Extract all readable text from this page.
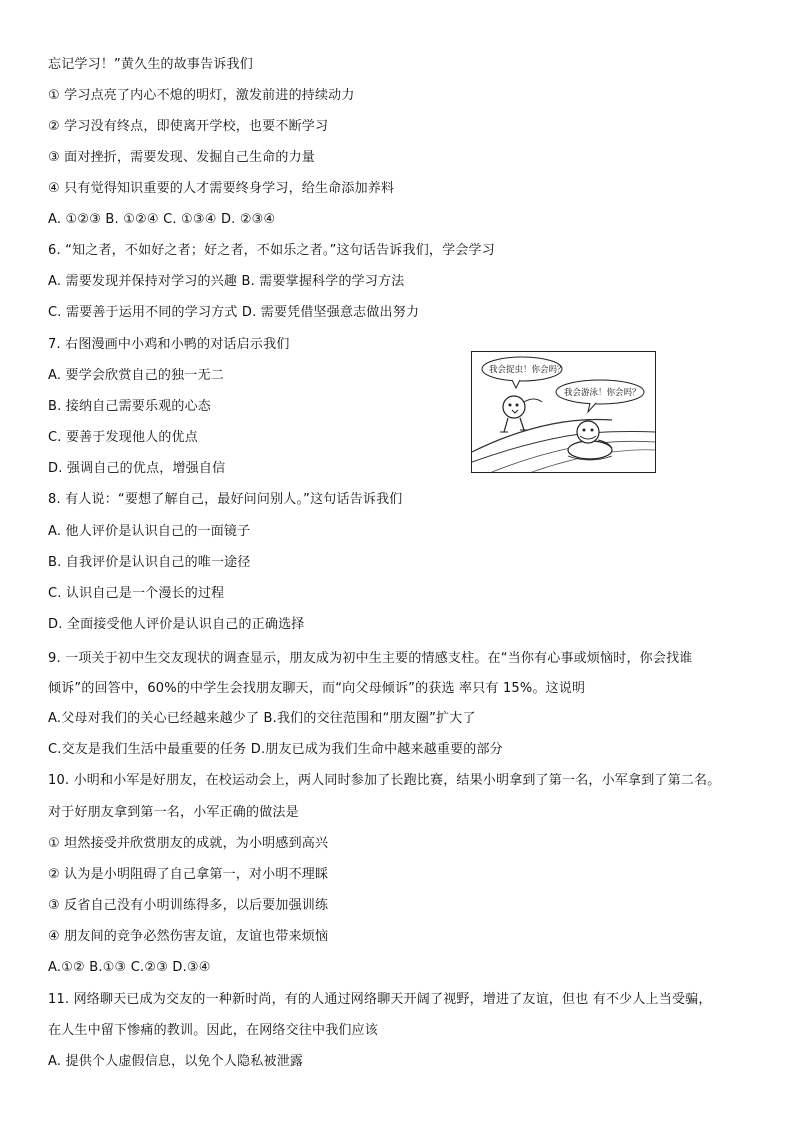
忘记学习！”黄久生的故事告诉我们
① 学习点亮了内心不熄的明灯，激发前进的持续动力
② 学习没有终点，即使离开学校，也要不断学习
③ 面对挫折，需要发现、发掘自己生命的力量
④ 只有觉得知识重要的人才需要终身学习，给生命添加养料
A. ①②③ B. ①②④ C. ①③④ D. ②③④
6. “知之者，不如好之者；好之者，不如乐之者。”这句话告诉我们，学会学习
A. 需要发现并保持对学习的兴趣 B. 需要掌握科学的学习方法
C. 需要善于运用不同的学习方式 D. 需要凭借坚强意志做出努力
7. 右图漫画中小鸡和小鸭的对话启示我们
A. 要学会欣赏自己的独一无二
B. 接纳自己需要乐观的心态
C. 要善于发现他人的优点
D. 强调自己的优点，增强自信
8. 有人说：“要想了解自己，最好问问别人。”这句话告诉我们
A. 他人评价是认识自己的一面镜子
B. 自我评价是认识自己的唯一途径
C. 认识自己是一个漫长的过程
D. 全面接受他人评价是认识自己的正确选择
9. 一项关于初中生交友现状的调查显示，朋友成为初中生主要的情感支柱。在“当你有心事或烦恼时，你会找谁
倾诉”的回答中，60%的中学生会找朋友聊天，而“向父母倾诉”的获选 率只有 15%。这说明
A.父母对我们的关心已经越来越少了 B.我们的交往范围和“朋友圈”扩大了
C.交友是我们生活中最重要的任务 D.朋友已成为我们生命中越来越重要的部分
10. 小明和小军是好朋友，在校运动会上，两人同时参加了长跑比赛，结果小明拿到了第一名，小军拿到了第二名。
对于好朋友拿到第一名，小军正确的做法是
① 坦然接受并欣赏朋友的成就，为小明感到高兴
② 认为是小明阻碍了自己拿第一，对小明不理睬
③ 反省自己没有小明训练得多，以后要加强训练
④ 朋友间的竞争必然伤害友谊，友谊也带来烦恼
A.①② B.①③ C.②③ D.③④
11. 网络聊天已成为交友的一种新时尚，有的人通过网络聊天开阔了视野，增进了友谊，但也 有不少人上当受骗，
在人生中留下惨痛的教训。因此，在网络交往中我们应该
A. 提供个人虚假信息，以免个人隐私被泄露
我会捉虫！你会吗？
我会游泳！你会吗？
